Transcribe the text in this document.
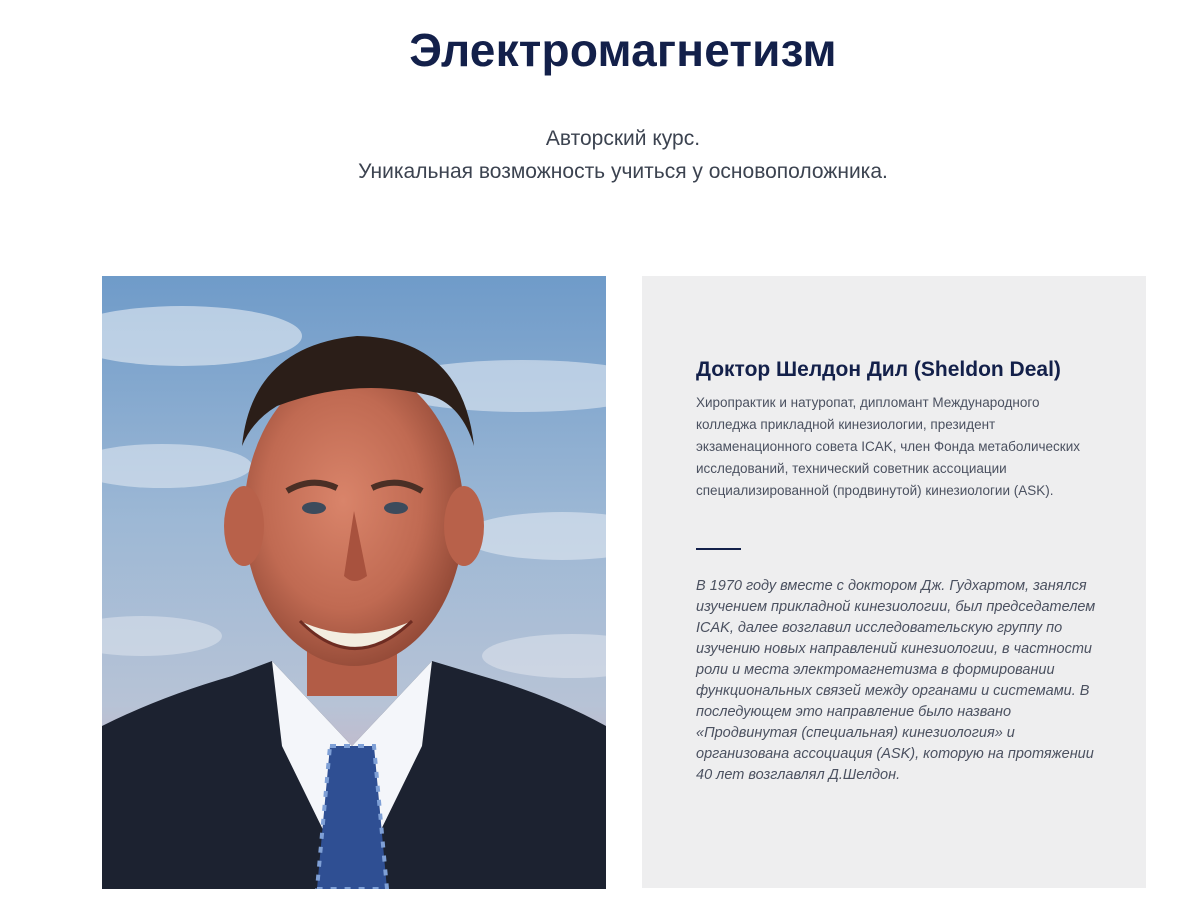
Электромагнетизм
Авторский курс.
Уникальная возможность учиться у основоположника.
Доктор Шелдон Дил (Sheldon Deal)

Хиропрактик и натуропат, дипломант Международного колледжа прикладной кинезиологии, президент экзаменационного совета ICAK, член Фонда метаболических исследований, технический советник ассоциации специализированной (продвинутой) кинезиологии (ASK).

В 1970 году вместе с доктором Дж. Гудхартом, занялся изучением прикладной кинезиологии, был председателем ICAK, далее возглавил исследовательскую группу по изучению новых направлений кинезиологии, в частности роли и места электромагнетизма в формировании функциональных связей между органами и системами. В последующем это направление было названо «Продвинутая (специальная) кинезиология» и организована ассоциация (ASK), которую на протяжении 40 лет возглавлял Д.Шелдон.
